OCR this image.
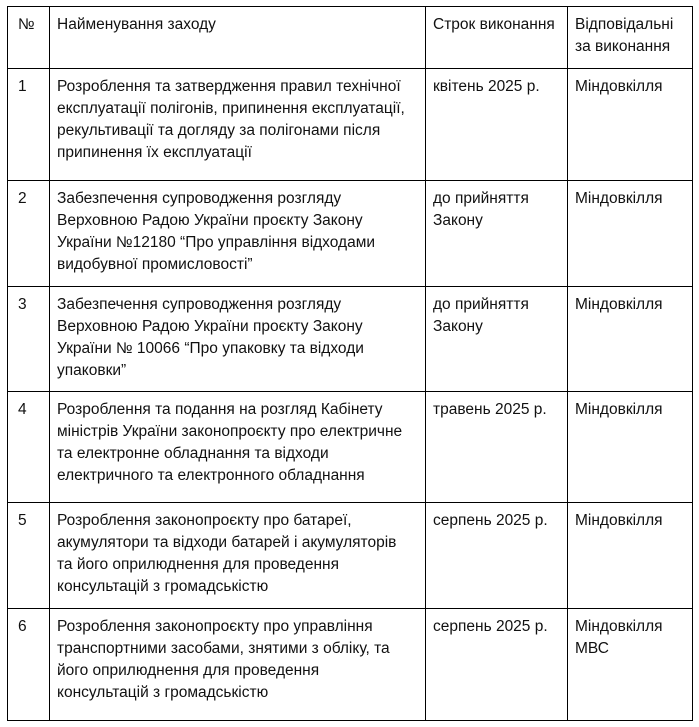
№	Найменування заходу	Строк виконання	Відповідальні
за виконання
1	Розроблення та затвердження правил технічної
експлуатації полігонів, припинення експлуатації,
рекультивації та догляду за полігонами після
припинення їх експлуатації	квітень 2025 р.	Міндовкілля
2	Забезпечення супроводження розгляду
Верховною Радою України проєкту Закону
України №12180 “Про управління відходами
видобувної промисловості”	до прийняття
Закону	Міндовкілля
3	Забезпечення супроводження розгляду
Верховною Радою України проєкту Закону
України № 10066 “Про упаковку та відходи
упаковки”	до прийняття
Закону	Міндовкілля
4	Розроблення та подання на розгляд Кабінету
міністрів України законопроєкту про електричне
та електронне обладнання та відходи
електричного та електронного обладнання	травень 2025 р.	Міндовкілля
5	Розроблення законопроєкту про батареї,
акумулятори та відходи батарей і акумуляторів
та його оприлюднення для проведення
консультацій з громадськістю	серпень 2025 р.	Міндовкілля
6	Розроблення законопроєкту про управління
транспортними засобами, знятими з обліку, та
його оприлюднення для проведення
консультацій з громадськістю	серпень 2025 р.	Міндовкілля
МВС
